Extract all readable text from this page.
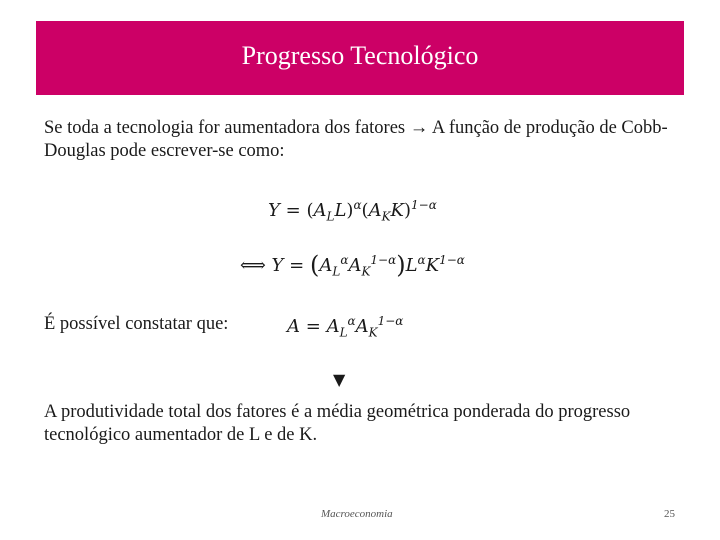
Progresso Tecnológico

Se toda a tecnologia for aumentadora dos fatores → A função de produção de Cobb-Douglas pode escrever-se como:

$Y = (A_LL)^\alpha(A_KK)^{1-\alpha}$
⟺ $Y = (A_L^\alpha A_K^{1-\alpha})L^\alpha K^{1-\alpha}$
É possível constatar que:	$A = A_L^\alpha A_K^{1-\alpha}$
▼

A produtividade total dos fatores é a média geométrica ponderada do progresso tecnológico aumentador de L e de K.

Macroeconomia	25
